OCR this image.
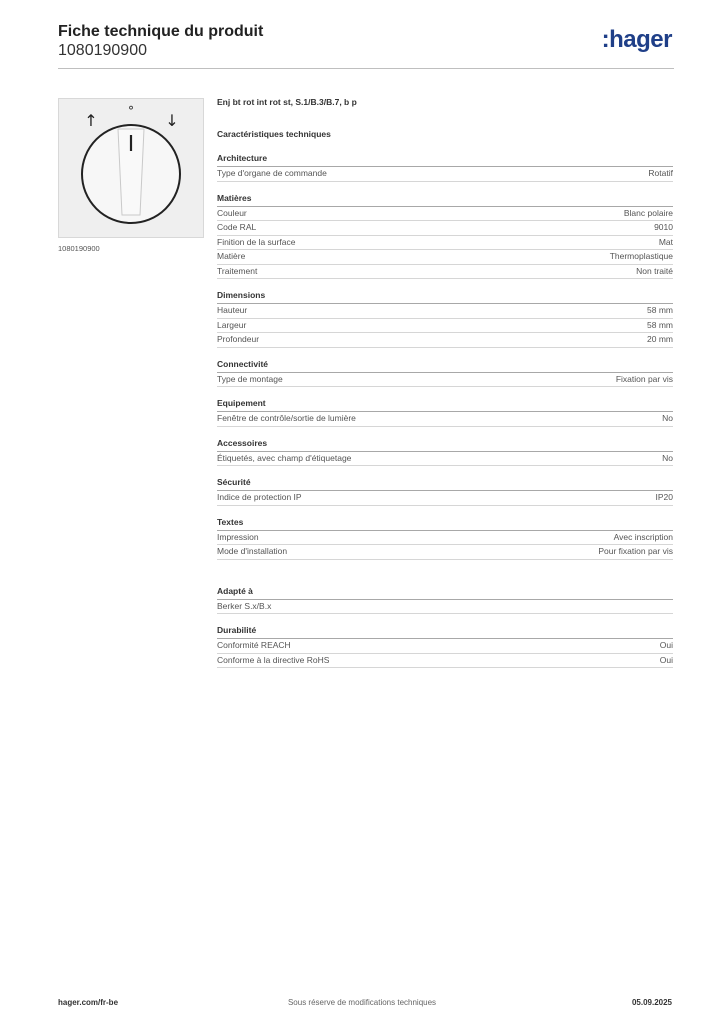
Fiche technique du produit
1080190900	:hager
↑	° ↓
1080190900
Enj bt rot int rot st, S.1/B.3/B.7, b p
Caractéristiques techniques
Architecture
Type d'organe de commande	Rotatif
Matières
Couleur	Blanc polaire
Code RAL	9010
Finition de la surface	Mat
Matière	Thermoplastique
Traitement	Non traité
Dimensions
Hauteur	58 mm
Largeur	58 mm
Profondeur	20 mm
Connectivité
Type de montage	Fixation par vis
Equipement
Fenêtre de contrôle/sortie de lumière	No
Accessoires
Étiquetés, avec champ d'étiquetage	No
Sécurité
Indice de protection IP	IP20
Textes
Impression	Avec inscription
Mode d'installation	Pour fixation par vis
Adapté à
Berker S.x/B.x
Durabilité
Conformité REACH	Oui
Conforme à la directive RoHS	Oui
hager.com/fr-be	Sous réserve de modifications techniques	05.09.2025
